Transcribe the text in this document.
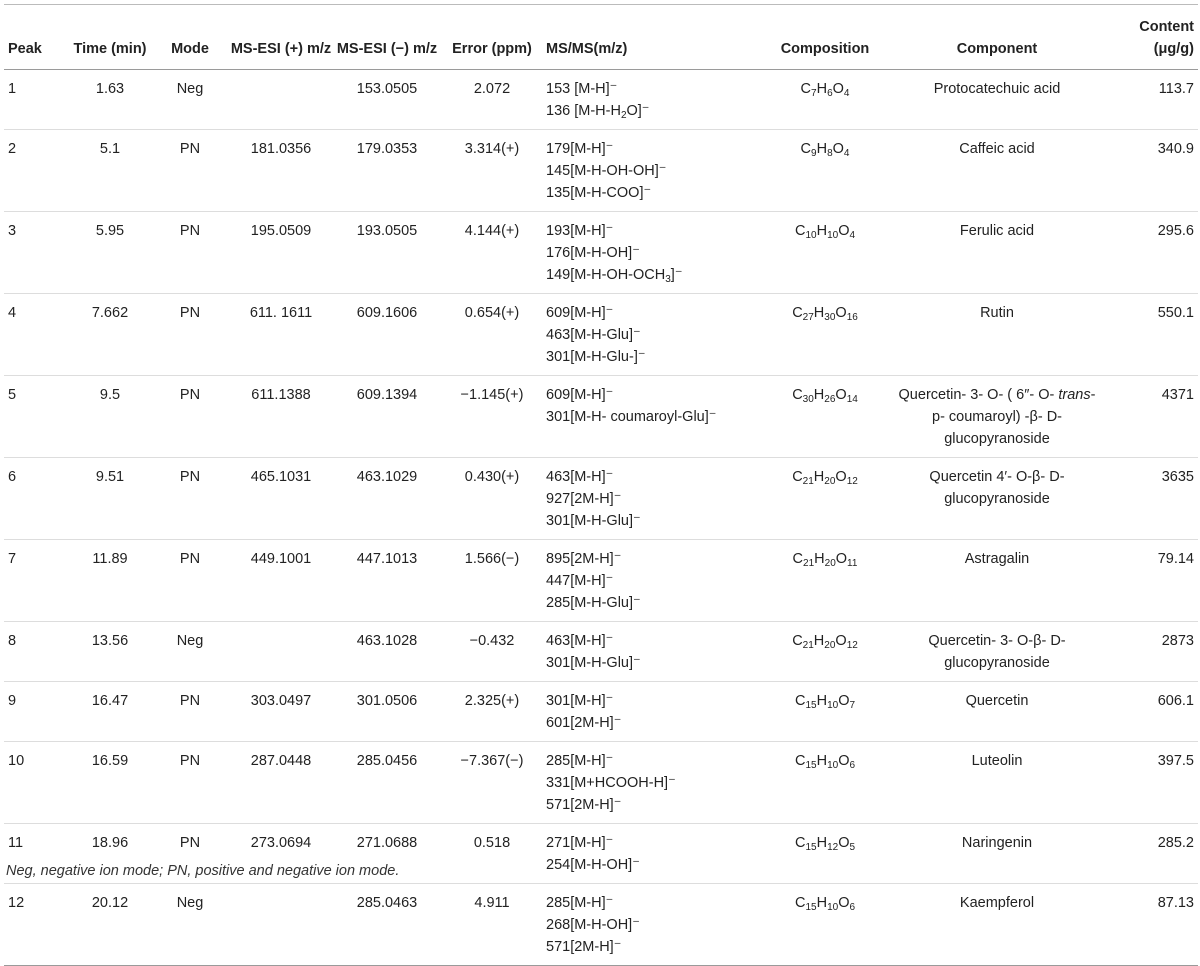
Peak	Time (min)	Mode	MS-ESI (+) m/z	MS-ESI (−) m/z	Error (ppm)	MS/MS(m/z)	Composition	Component	Content (μg/g)

1	1.63	Neg		153.0505	2.072	153 [M-H]⁻
136 $[M-H-H_2O]^-$	$C_7H_6O_4$	Protocatechuic acid	113.7

2	5.1	PN	181.0356	179.0353	3.314(+)	179[M-H]⁻
145[M-H-OH-OH]⁻
135[M-H-COO]⁻	$C_9H_8O_4$	Caffeic acid	340.9

3	5.95	PN	195.0509	193.0505	4.144(+)	193[M-H]⁻
176[M-H-OH]⁻
$149[M-H-OH-OCH_3]^-$	$C_{10}H_{10}O_4$	Ferulic acid	295.6

4	7.662	PN	611. 1611	609.1606	0.654(+)	609[M-H]⁻
463[M-H-Glu]⁻
301[M-H-Glu-]⁻	$C_{27}H_{30}O_{16}$	Rutin	550.1

5	9.5	PN	611.1388	609.1394	−1.145(+)	609[M-H]⁻
301[M-H- coumaroyl-Glu]⁻	$C_{30}H_{26}O_{14}$	Quercetin- 3- O- ( 6″- O- trans- p- coumaroyl) -β- D- glucopyranoside	4371

6	9.51	PN	465.1031	463.1029	0.430(+)	463[M-H]⁻
927[2M-H]⁻
301[M-H-Glu]⁻	$C_{21}H_{20}O_{12}$	Quercetin 4′- O-β- D- glucopyranoside	3635

7	11.89	PN	449.1001	447.1013	1.566(−)	895[2M-H]⁻
447[M-H]⁻
285[M-H-Glu]⁻	$C_{21}H_{20}O_{11}$	Astragalin	79.14

8	13.56	Neg		463.1028	−0.432	463[M-H]⁻
301[M-H-Glu]⁻	$C_{21}H_{20}O_{12}$	Quercetin- 3- O-β- D- glucopyranoside	2873

9	16.47	PN	303.0497	301.0506	2.325(+)	301[M-H]⁻
601[2M-H]⁻	$C_{15}H_{10}O_7$	Quercetin	606.1

10	16.59	PN	287.0448	285.0456	−7.367(−)	285[M-H]⁻
331[M+HCOOH-H]⁻
571[2M-H]⁻	$C_{15}H_{10}O_6$	Luteolin	397.5

11	18.96	PN	273.0694	271.0688	0.518	271[M-H]⁻
254[M-H-OH]⁻	$C_{15}H_{12}O_5$	Naringenin	285.2

12	20.12	Neg		285.0463	4.911	285[M-H]⁻
268[M-H-OH]⁻
571[2M-H]⁻	$C_{15}H_{10}O_6$	Kaempferol	87.13
Neg, negative ion mode; PN, positive and negative ion mode.
